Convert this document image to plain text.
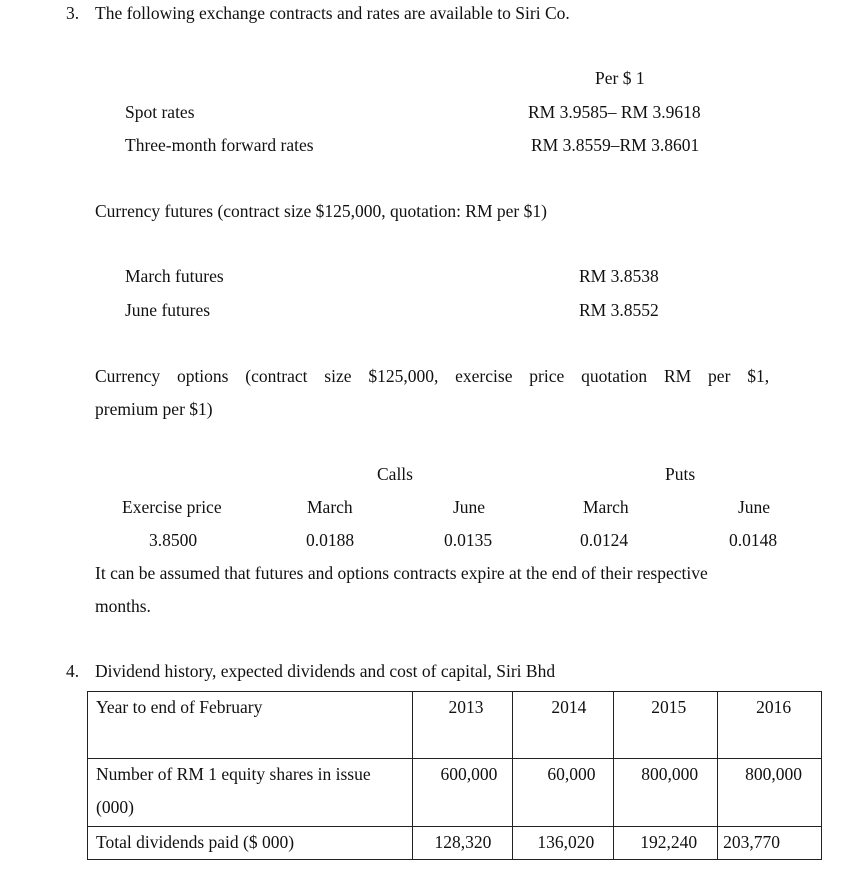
3. The following exchange contracts and rates are available to Siri Co.
Per $ 1
Spot rates	RM 3.9585– RM 3.9618
Three-month forward rates	RM 3.8559–RM 3.8601
Currency futures (contract size $125,000, quotation: RM per $1)
March futures	RM 3.8538
June futures	RM 3.8552
Currency options (contract size $125,000, exercise price quotation RM per $1,
premium per $1)
Calls	Puts
Exercise price	March	June	March	June
3.8500	0.0188	0.0135	0.0124	0.0148
It can be assumed that futures and options contracts expire at the end of their respective
months.
4. Dividend history, expected dividends and cost of capital, Siri Bhd
Year to end of February	2013	2014	2015	2016

Number of RM 1 equity shares in issue
(000)	600,000	60,000	800,000	800,000

Total dividends paid ($ 000)	128,320	136,020	192,240	203,770
